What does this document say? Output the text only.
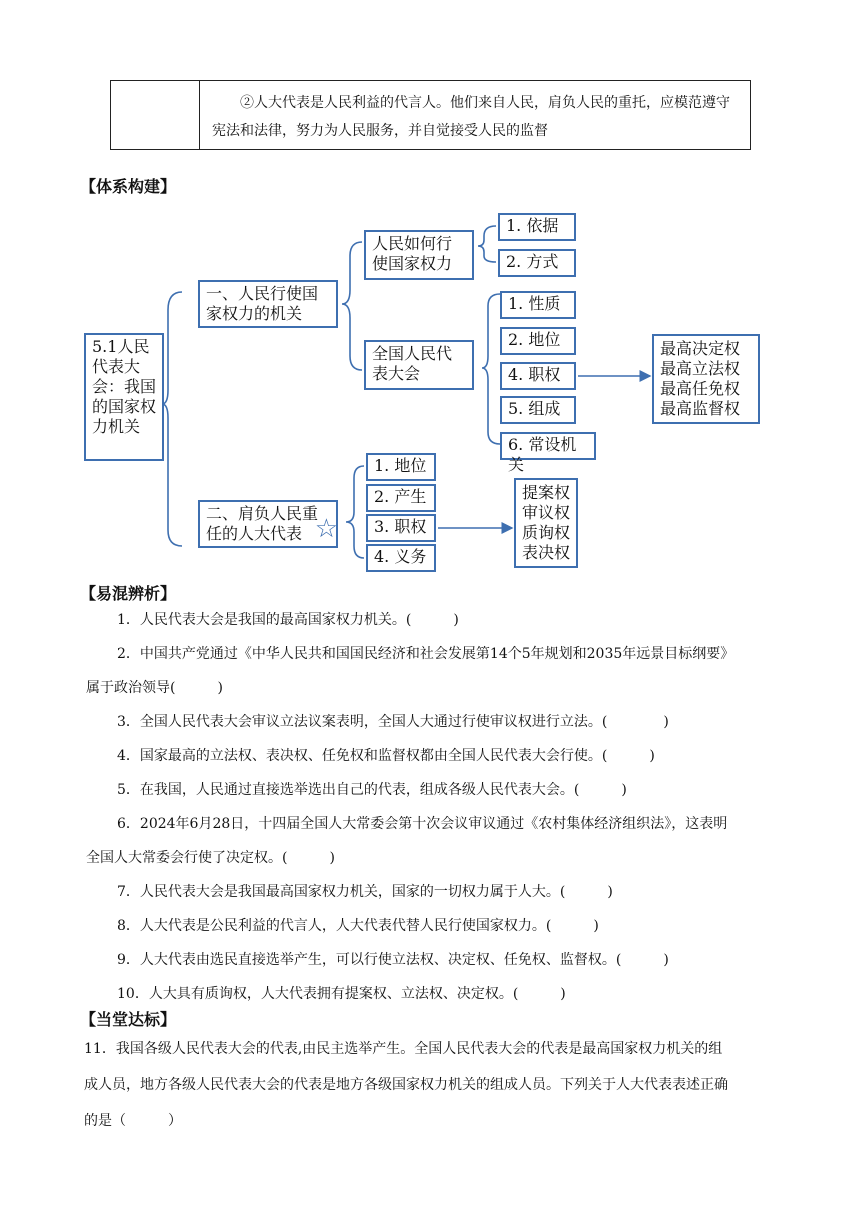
②人大代表是人民利益的代言人。他们来自人民，肩负人民的重托，应模范遵守宪法和法律，努力为人民服务，并自觉接受人民的监督

【体系构建】
5.1人民代表大会：我国的国家权力机关
一、人民行使国家权力的机关
二、肩负人民重任的人大代表 ☆
人民如何行使国家权力
全国人民代表大会
1. 依据
2. 方式
1. 性质
2. 地位
4. 职权
5. 组成
6. 常设机关
最高决定权
最高立法权
最高任免权
最高监督权
1. 地位
2. 产生
3. 职权
4. 义务
提案权
审议权
质询权
表决权
【易混辨析】
1．人民代表大会是我国的最高国家权力机关。(　　　)
2．中国共产党通过《中华人民共和国国民经济和社会发展第14个5年规划和2035年远景目标纲要》
属于政治领导(　　　)
3．全国人民代表大会审议立法议案表明，全国人大通过行使审议权进行立法。(　　　　)
4．国家最高的立法权、表决权、任免权和监督权都由全国人民代表大会行使。(　　　)
5．在我国，人民通过直接选举选出自己的代表，组成各级人民代表大会。(　　　)
6．2024年6月28日，十四届全国人大常委会第十次会议审议通过《农村集体经济组织法》，这表明
全国人大常委会行使了决定权。(　　　)
7．人民代表大会是我国最高国家权力机关，国家的一切权力属于人大。(　　　)
8．人大代表是公民利益的代言人，人大代表代替人民行使国家权力。(　　　)
9．人大代表由选民直接选举产生，可以行使立法权、决定权、任免权、监督权。(　　　)
10．人大具有质询权，人大代表拥有提案权、立法权、决定权。(　　　)
【当堂达标】
11．我国各级人民代表大会的代表,由民主选举产生。全国人民代表大会的代表是最高国家权力机关的组
成人员，地方各级人民代表大会的代表是地方各级国家权力机关的组成人员。下列关于人大代表表述正确
的是（　　　）
